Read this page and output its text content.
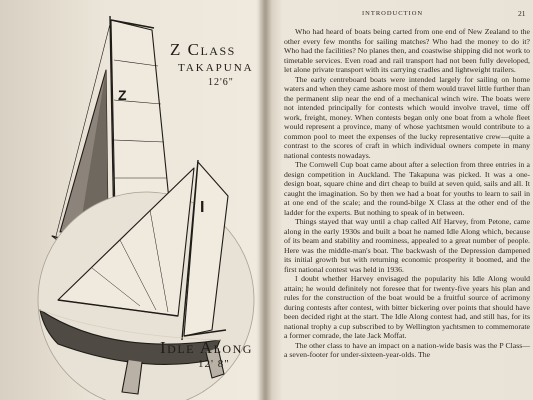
Z
I
Z Class
TAKAPUNA
12'6"
Idle Along
12' 8"
INTRODUCTION	21

Who had heard of boats being carted from one end of New Zealand to the other every few months for sailing matches? Who had the money to do it? Who had the facilities? No planes then, and coastwise shipping did not work to timetable services. Even road and rail transport had not been fully developed, let alone private transport with its carrying cradles and lightweight trailers.

The early centreboard boats were intended largely for sailing on home waters and when they came ashore most of them would travel little further than the permanent slip near the end of a mechanical winch wire. The boats were not intended principally for contests which would involve travel, time off work, freight, money. When contests began only one boat from a whole fleet would represent a province, many of whose yachtsmen would contribute to a common pool to meet the expenses of the lucky representative crew—quite a contrast to the scores of craft in which individual owners compete in many national contests nowadays.

The Cornwell Cup boat came about after a selection from three entries in a design competition in Auckland. The Takapuna was picked. It was a one-design boat, square chine and dirt cheap to build at seven quid, sails and all. It caught the imagination. So by then we had a boat for youths to learn to sail in at one end of the scale; and the round-bilge X Class at the other end of the ladder for the experts. But nothing to speak of in between.

Things stayed that way until a chap called Alf Harvey, from Petone, came along in the early 1930s and built a boat he named Idle Along which, because of its beam and stability and roominess, appealed to a great number of people. Here was the middle-man's boat. The backwash of the Depression dampened its initial growth but with returning economic prosperity it boomed, and the first national contest was held in 1936.

I doubt whether Harvey envisaged the popularity his Idle Along would attain; he would definitely not foresee that for twenty-five years his plan and rules for the construction of the boat would be a fruitful source of acrimony during contests after contest, with bitter bickering over points that should have been decided right at the start. The Idle Along contest had, and still has, for its national trophy a cup subscribed to by Wellington yachtsmen to commemorate a former comrade, the late Jack Moffat.

The other class to have an impact on a nation-wide basis was the P Class—a seven-footer for under-sixteen-year-olds. The
